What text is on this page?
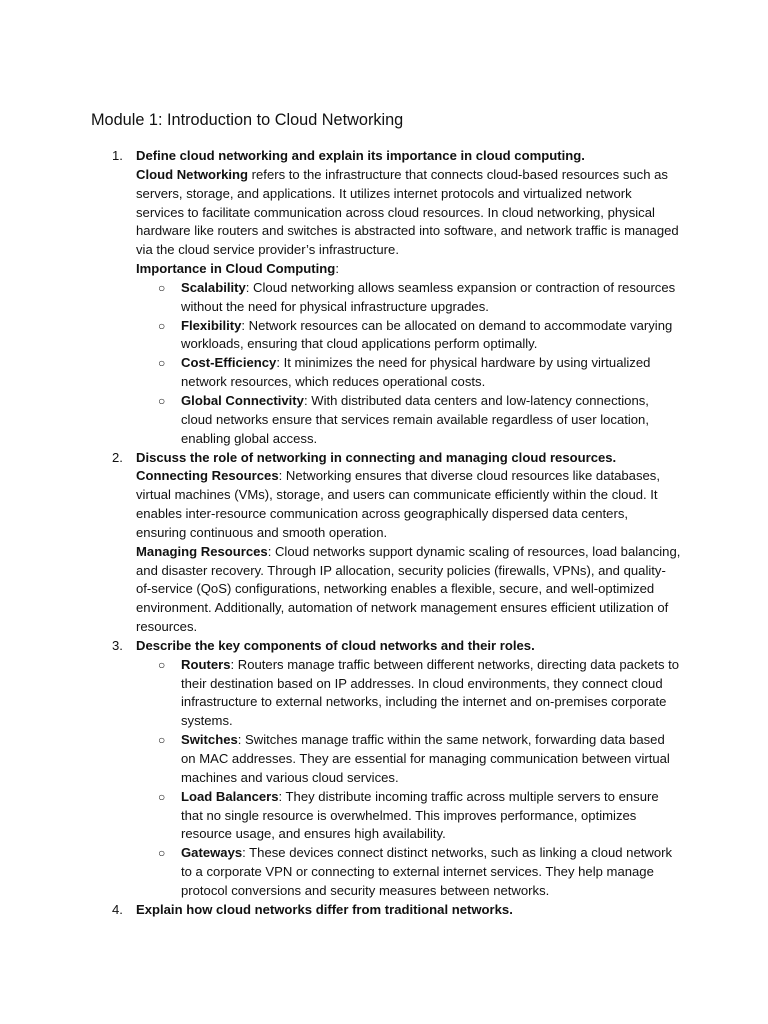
Module 1: Introduction to Cloud Networking
1. Define cloud networking and explain its importance in cloud computing.

Cloud Networking refers to the infrastructure that connects cloud-based resources such as servers, storage, and applications. It utilizes internet protocols and virtualized network services to facilitate communication across cloud resources. In cloud networking, physical hardware like routers and switches is abstracted into software, and network traffic is managed via the cloud service provider’s infrastructure.

Importance in Cloud Computing:

○ Scalability: Cloud networking allows seamless expansion or contraction of resources without the need for physical infrastructure upgrades.
○ Flexibility: Network resources can be allocated on demand to accommodate varying workloads, ensuring that cloud applications perform optimally.
○ Cost-Efficiency: It minimizes the need for physical hardware by using virtualized network resources, which reduces operational costs.
○ Global Connectivity: With distributed data centers and low-latency connections, cloud networks ensure that services remain available regardless of user location, enabling global access.
2. Discuss the role of networking in connecting and managing cloud resources.

Connecting Resources: Networking ensures that diverse cloud resources like databases, virtual machines (VMs), storage, and users can communicate efficiently within the cloud. It enables inter-resource communication across geographically dispersed data centers, ensuring continuous and smooth operation.

Managing Resources: Cloud networks support dynamic scaling of resources, load balancing, and disaster recovery. Through IP allocation, security policies (firewalls, VPNs), and quality-of-service (QoS) configurations, networking enables a flexible, secure, and well-optimized environment. Additionally, automation of network management ensures efficient utilization of resources.

3. Describe the key components of cloud networks and their roles.
○ Routers: Routers manage traffic between different networks, directing data packets to their destination based on IP addresses. In cloud environments, they connect cloud infrastructure to external networks, including the internet and on-premises corporate systems.
○ Switches: Switches manage traffic within the same network, forwarding data based on MAC addresses. They are essential for managing communication between virtual machines and various cloud services.
○ Load Balancers: They distribute incoming traffic across multiple servers to ensure that no single resource is overwhelmed. This improves performance, optimizes resource usage, and ensures high availability.
○ Gateways: These devices connect distinct networks, such as linking a cloud network to a corporate VPN or connecting to external internet services. They help manage protocol conversions and security measures between networks.
4. Explain how cloud networks differ from traditional networks.
